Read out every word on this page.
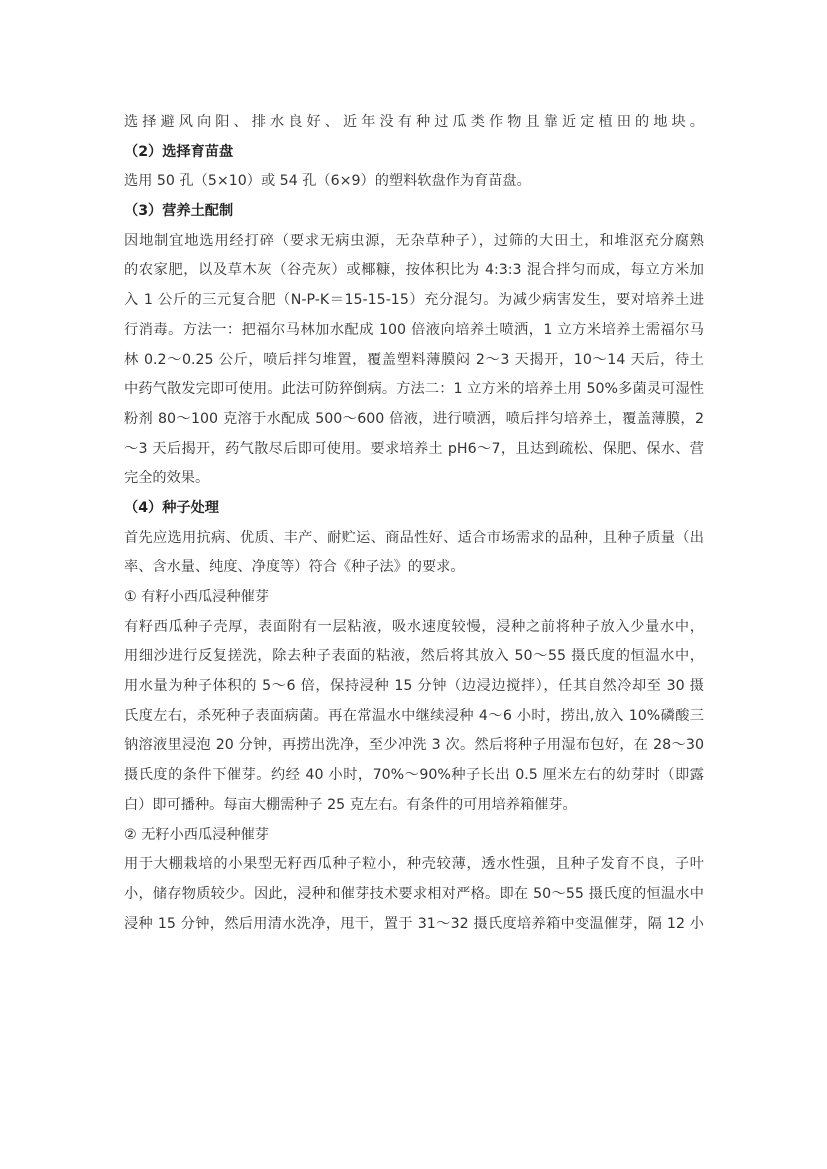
选择避风向阳、排水良好、近年没有种过瓜类作物且靠近定植田的地块。
（2）选择育苗盘
选用 50 孔（5×10）或 54 孔（6×9）的塑料软盘作为育苗盘。
（3）营养土配制
因地制宜地选用经打碎（要求无病虫源，无杂草种子），过筛的大田土，和堆沤充分腐熟
的农家肥，以及草木灰（谷壳灰）或椰糠，按体积比为 4:3:3 混合拌匀而成，每立方米加
入 1 公斤的三元复合肥（N-P-K＝15-15-15）充分混匀。为减少病害发生，要对培养土进
行消毒。方法一：把福尔马林加水配成 100 倍液向培养土喷洒，1 立方米培养土需福尔马
林 0.2～0.25 公斤，喷后拌匀堆置，覆盖塑料薄膜闷 2～3 天揭开，10～14 天后，待土
中药气散发完即可使用。此法可防猝倒病。方法二：1 立方米的培养土用 50%多菌灵可湿性
粉剂 80～100 克溶于水配成 500～600 倍液，进行喷洒，喷后拌匀培养土，覆盖薄膜，2
～3 天后揭开，药气散尽后即可使用。要求培养土 pH6～7，且达到疏松、保肥、保水、营
完全的效果。
（4）种子处理
首先应选用抗病、优质、丰产、耐贮运、商品性好、适合市场需求的品种，且种子质量（出
率、含水量、纯度、净度等）符合《种子法》的要求。
① 有籽小西瓜浸种催芽
有籽西瓜种子壳厚，表面附有一层粘液，吸水速度较慢，浸种之前将种子放入少量水中，
用细沙进行反复搓洗，除去种子表面的粘液，然后将其放入 50～55 摄氏度的恒温水中，
用水量为种子体积的 5～6 倍，保持浸种 15 分钟（边浸边搅拌），任其自然冷却至 30 摄
氏度左右，杀死种子表面病菌。再在常温水中继续浸种 4～6 小时，捞出,放入 10%磷酸三
钠溶液里浸泡 20 分钟，再捞出洗净，至少冲洗 3 次。然后将种子用湿布包好，在 28～30
摄氏度的条件下催芽。约经 40 小时，70%～90%种子长出 0.5 厘米左右的幼芽时（即露
白）即可播种。每亩大棚需种子 25 克左右。有条件的可用培养箱催芽。
② 无籽小西瓜浸种催芽
用于大棚栽培的小果型无籽西瓜种子粒小，种壳较薄，透水性强，且种子发育不良，子叶
小，储存物质较少。因此，浸种和催芽技术要求相对严格。即在 50～55 摄氏度的恒温水中
浸种 15 分钟，然后用清水洗净，甩干，置于 31～32 摄氏度培养箱中变温催芽，隔 12 小
